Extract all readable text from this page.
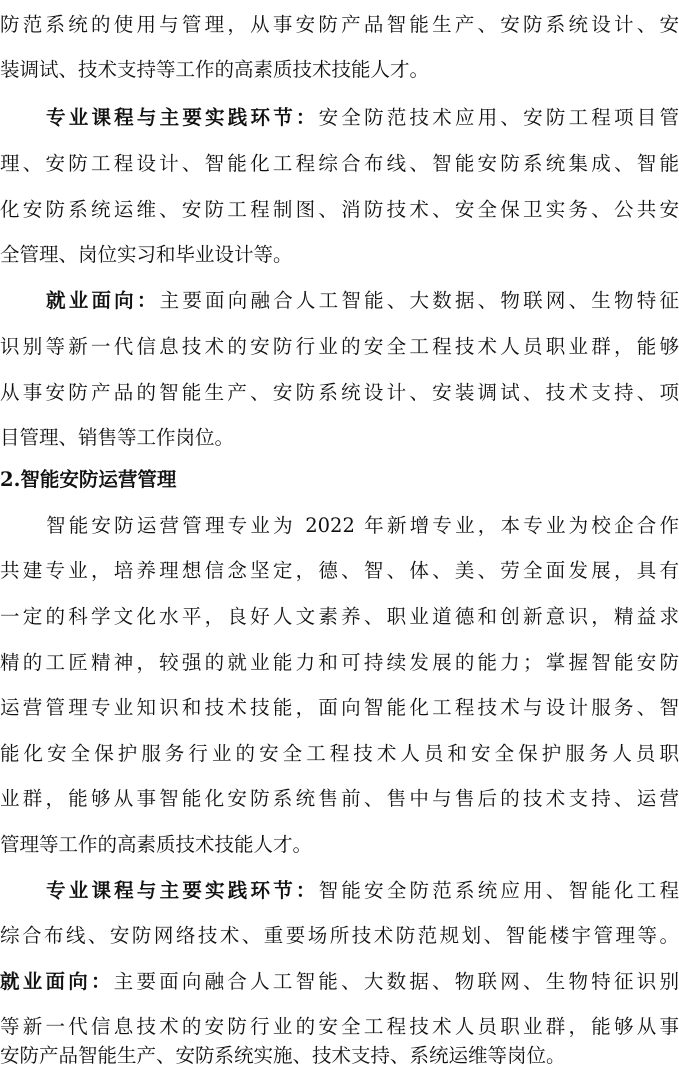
防范系统的使用与管理，从事安防产品智能生产、安防系统设计、安
装调试、技术支持等工作的高素质技术技能人才。
专业课程与主要实践环节：安全防范技术应用、安防工程项目管
理、安防工程设计、智能化工程综合布线、智能安防系统集成、智能
化安防系统运维、安防工程制图、消防技术、安全保卫实务、公共安
全管理、岗位实习和毕业设计等。
就业面向：主要面向融合人工智能、大数据、物联网、生物特征
识别等新一代信息技术的安防行业的安全工程技术人员职业群，能够
从事安防产品的智能生产、安防系统设计、安装调试、技术支持、项
目管理、销售等工作岗位。
2.智能安防运营管理
智能安防运营管理专业为 2022 年新增专业，本专业为校企合作
共建专业，培养理想信念坚定，德、智、体、美、劳全面发展，具有
一定的科学文化水平，良好人文素养、职业道德和创新意识，精益求
精的工匠精神，较强的就业能力和可持续发展的能力；掌握智能安防
运营管理专业知识和技术技能，面向智能化工程技术与设计服务、智
能化安全保护服务行业的安全工程技术人员和安全保护服务人员职
业群，能够从事智能化安防系统售前、售中与售后的技术支持、运营
管理等工作的高素质技术技能人才。
专业课程与主要实践环节：智能安全防范系统应用、智能化工程
综合布线、安防网络技术、重要场所技术防范规划、智能楼宇管理等。
就业面向：主要面向融合人工智能、大数据、物联网、生物特征识别
等新一代信息技术的安防行业的安全工程技术人员职业群，能够从事
安防产品智能生产、安防系统实施、技术支持、系统运维等岗位。
